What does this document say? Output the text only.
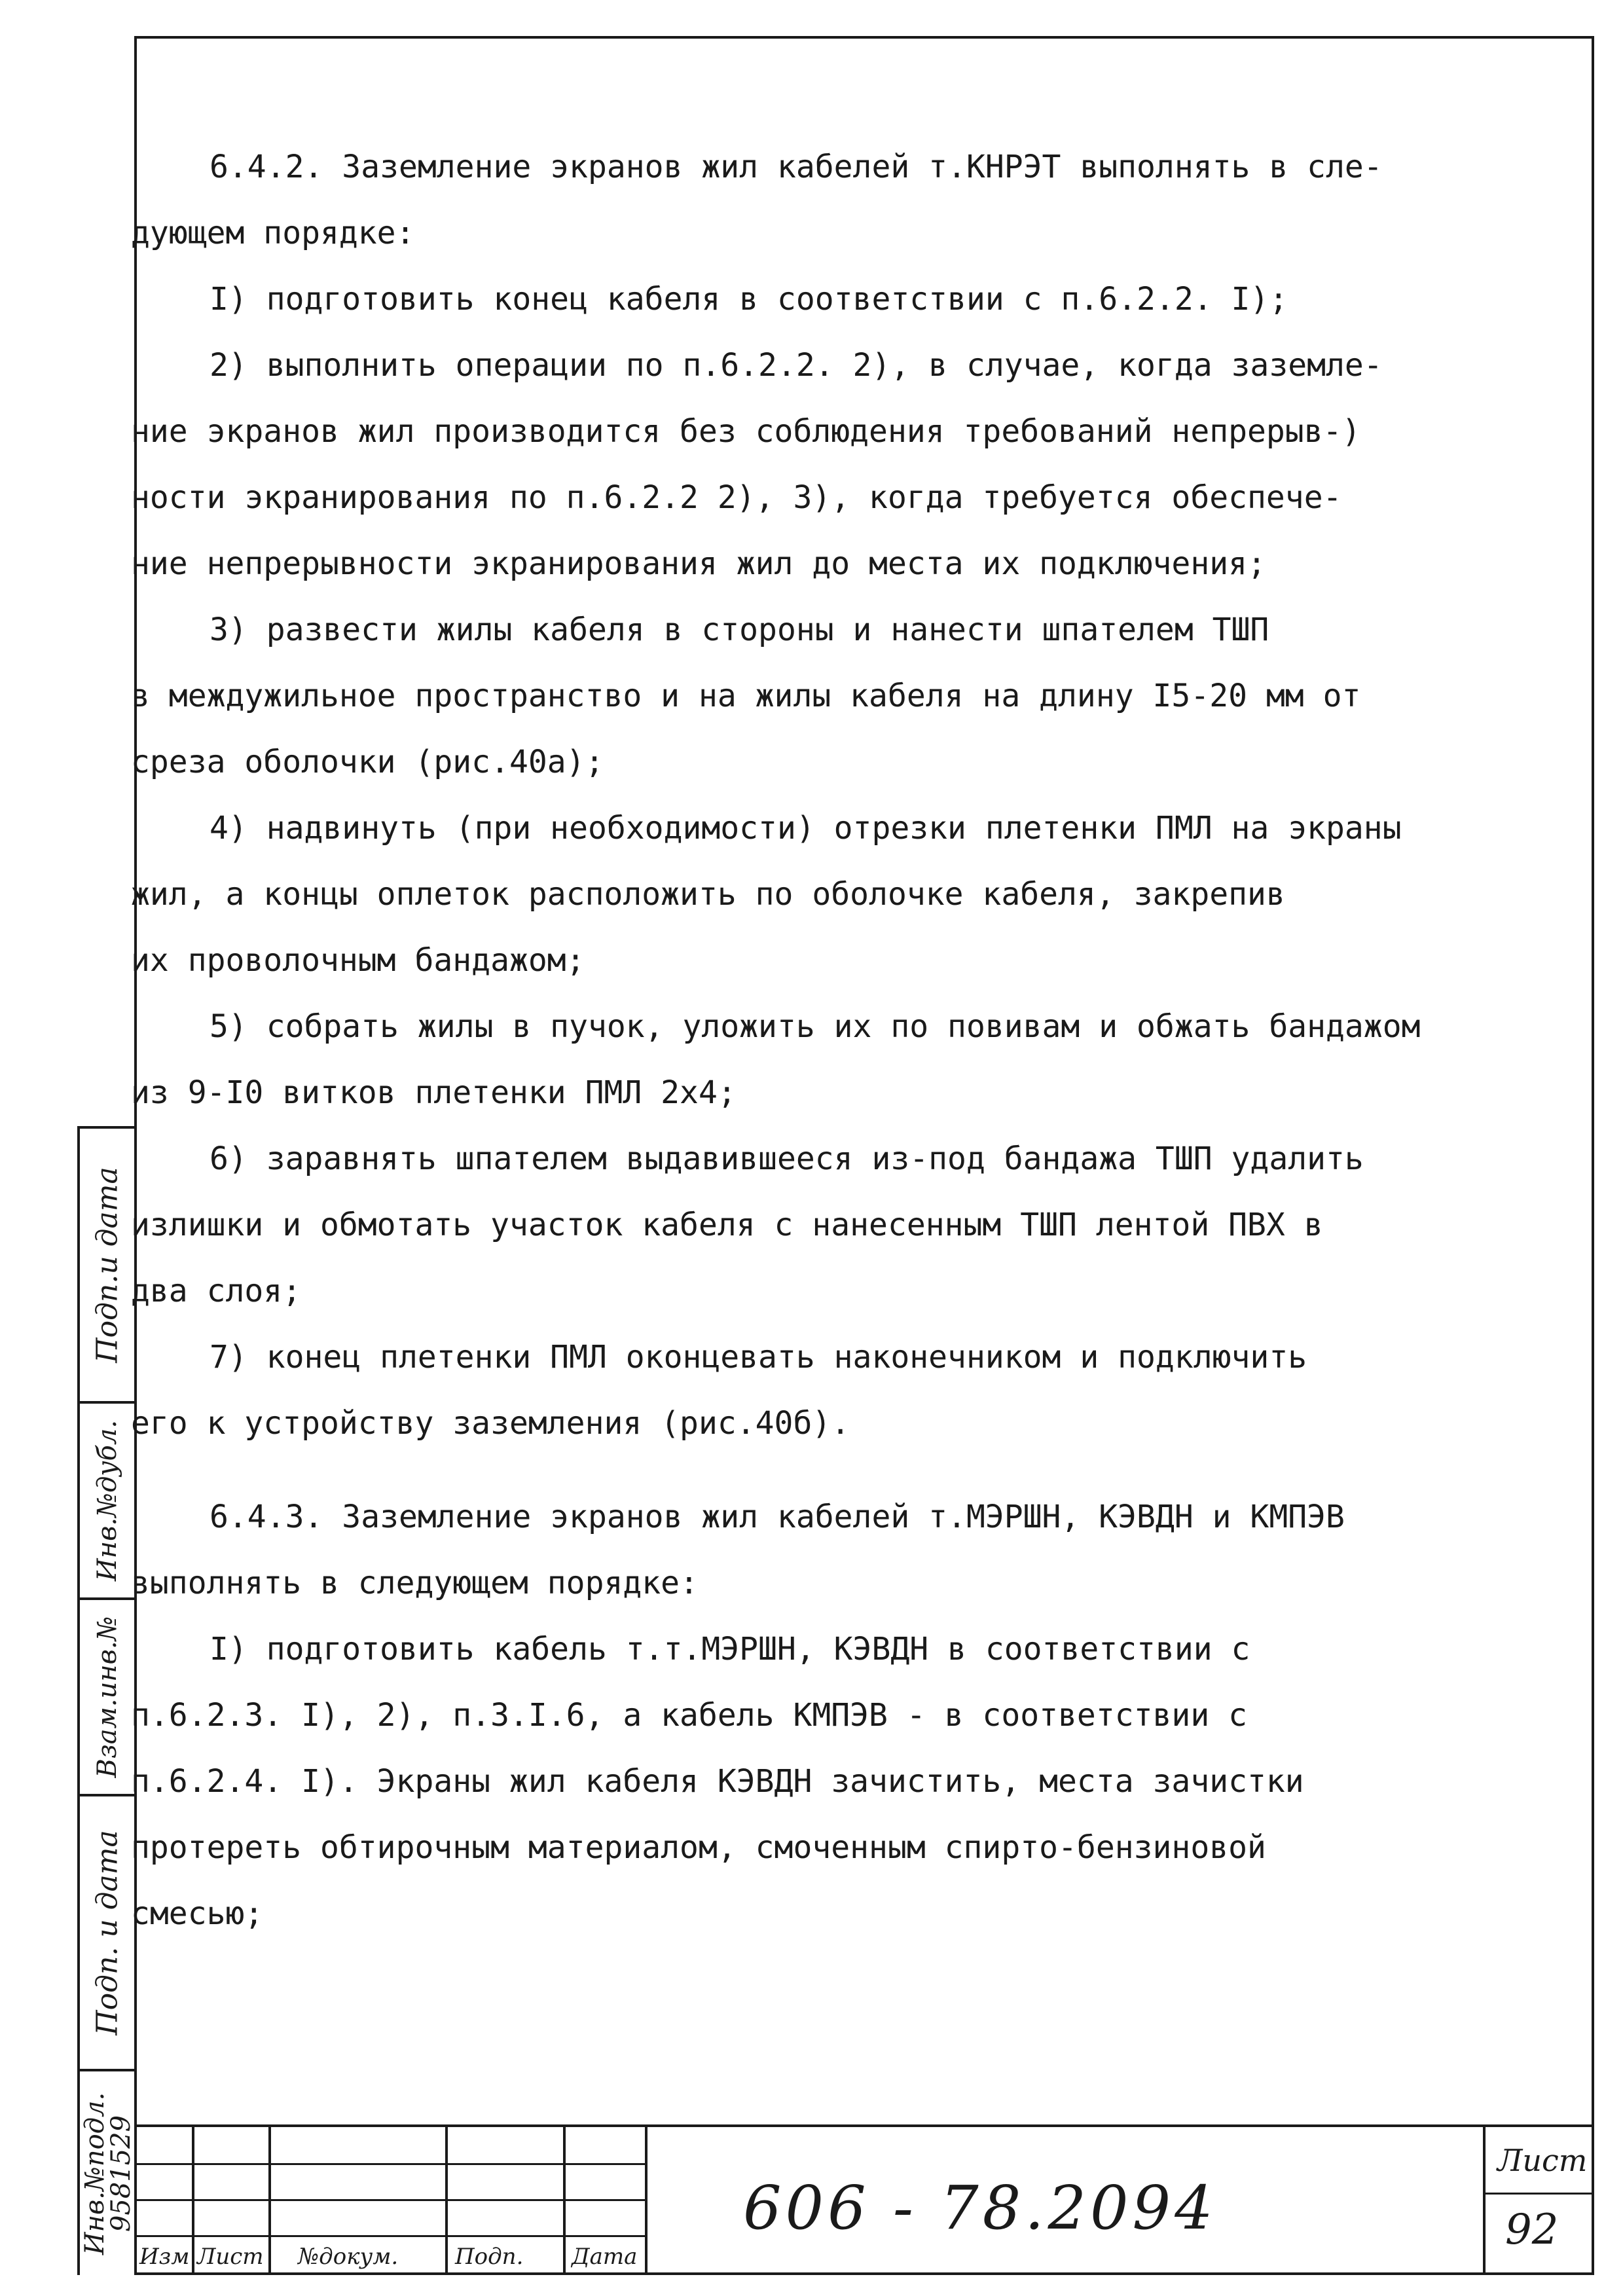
6.4.2. Заземление экранов жил кабелей т.КНРЭТ выполнять в сле-

дующем порядке:

I) подготовить конец кабеля в соответствии с п.6.2.2. I);

2) выполнить операции по п.6.2.2. 2), в случае, когда заземле-

ние экранов жил производится без соблюдения требований непрерыв-)

ности экранирования по п.6.2.2 2), 3), когда требуется обеспече-

ние непрерывности экранирования жил до места их подключения;

3) развести жилы кабеля в стороны и нанести шпателем ТШП

в междужильное пространство и на жилы кабеля на длину I5-20 мм от

среза оболочки (рис.40а);

4) надвинуть (при необходимости) отрезки плетенки ПМЛ на экраны

жил, а концы оплеток расположить по оболочке кабеля, закрепив

их проволочным бандажом;

5) собрать жилы в пучок, уложить их по повивам и обжать бандажом

из 9-I0 витков плетенки ПМЛ 2х4;

6) заравнять шпателем выдавившееся из-под бандажа ТШП удалить

излишки и обмотать участок кабеля с нанесенным ТШП лентой ПВХ в

два слоя;

7) конец плетенки ПМЛ оконцевать наконечником и подключить

его к устройству заземления (рис.40б).

6.4.3. Заземление экранов жил кабелей т.МЭРШН, КЭВДН и КМПЭВ

выполнять в следующем порядке:

I) подготовить кабель т.т.МЭРШН, КЭВДН в соответствии с

п.6.2.3. I), 2), п.3.I.6, а кабель КМПЭВ - в соответствии с

п.6.2.4. I). Экраны жил кабеля КЭВДН зачистить, места зачистки

протереть обтирочным материалом, смоченным спирто-бензиновой

смесью;

Подп.и дата
Инв.№дубл.
Взам.инв.№
Подп. и дата
Инв.№подл.
9581529
Изм Лист №докум.	Подп. Дата
606 - 78.2094
Лист
92
